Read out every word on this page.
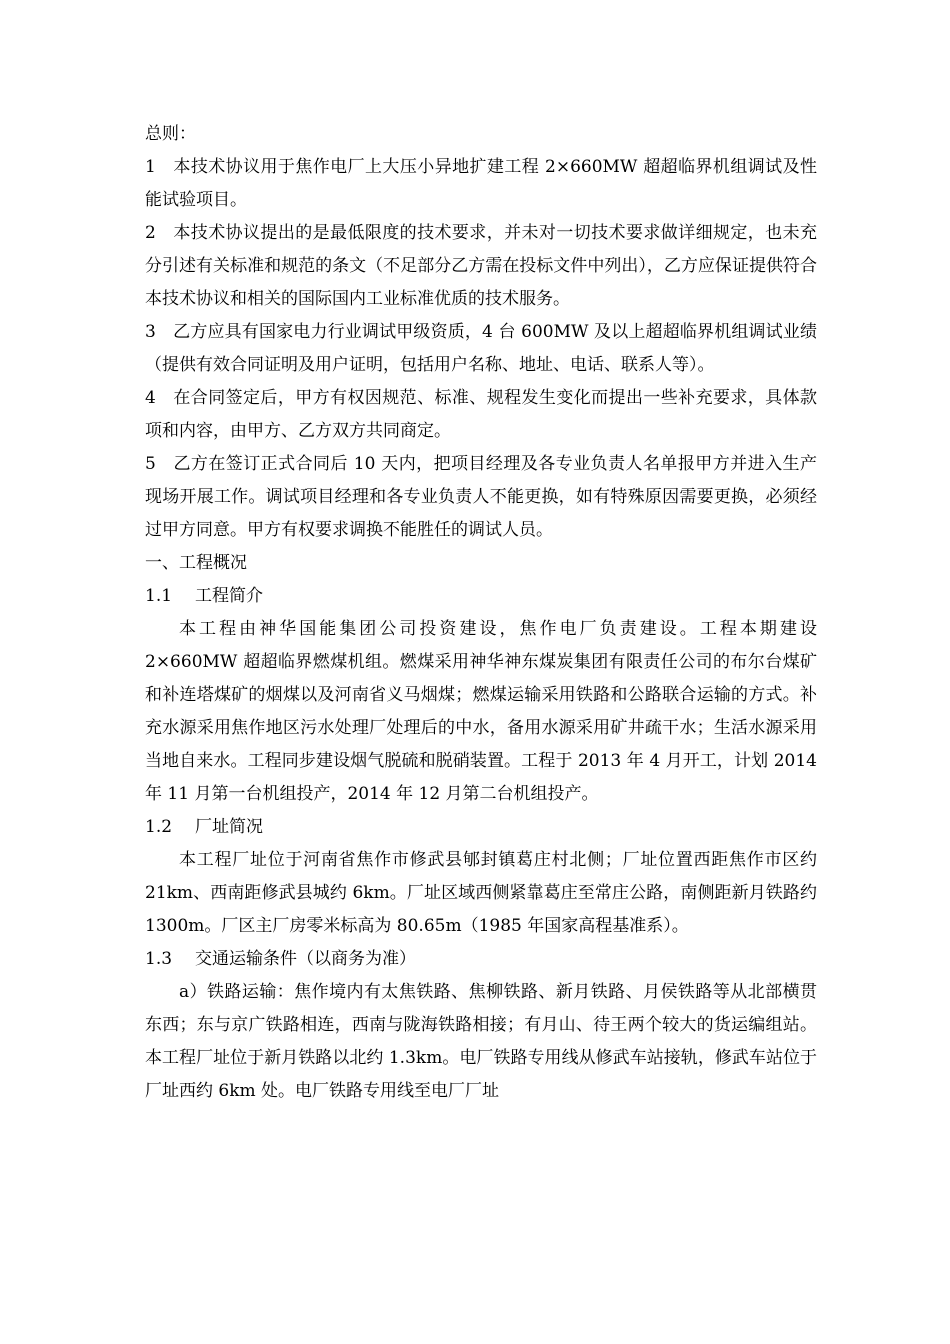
总则：

1 本技术协议用于焦作电厂上大压小异地扩建工程 2×660MW 超超临界机组调试及性能试验项目。

2 本技术协议提出的是最低限度的技术要求，并未对一切技术要求做详细规定，也未充分引述有关标准和规范的条文（不足部分乙方需在投标文件中列出），乙方应保证提供符合本技术协议和相关的国际国内工业标准优质的技术服务。

3 乙方应具有国家电力行业调试甲级资质，4 台 600MW 及以上超超临界机组调试业绩（提供有效合同证明及用户证明，包括用户名称、地址、电话、联系人等）。

4 在合同签定后，甲方有权因规范、标准、规程发生变化而提出一些补充要求，具体款项和内容，由甲方、乙方双方共同商定。

5 乙方在签订正式合同后 10 天内，把项目经理及各专业负责人名单报甲方并进入生产现场开展工作。调试项目经理和各专业负责人不能更换，如有特殊原因需要更换，必须经过甲方同意。甲方有权要求调换不能胜任的调试人员。

一、工程概况

1.1 工程简介

本工程由神华国能集团公司投资建设，焦作电厂负责建设。工程本期建设 2×660MW 超超临界燃煤机组。燃煤采用神华神东煤炭集团有限责任公司的布尔台煤矿和补连塔煤矿的烟煤以及河南省义马烟煤；燃煤运输采用铁路和公路联合运输的方式。补充水源采用焦作地区污水处理厂处理后的中水，备用水源采用矿井疏干水；生活水源采用当地自来水。工程同步建设烟气脱硫和脱硝装置。工程于 2013 年 4 月开工，计划 2014 年 11 月第一台机组投产，2014 年 12 月第二台机组投产。

1.2 厂址简况

本工程厂址位于河南省焦作市修武县郇封镇葛庄村北侧；厂址位置西距焦作市区约 21km、西南距修武县城约 6km。厂址区域西侧紧靠葛庄至常庄公路，南侧距新月铁路约 1300m。厂区主厂房零米标高为 80.65m（1985 年国家高程基准系）。

1.3 交通运输条件（以商务为准）

a）铁路运输：焦作境内有太焦铁路、焦柳铁路、新月铁路、月侯铁路等从北部横贯东西；东与京广铁路相连，西南与陇海铁路相接；有月山、待王两个较大的货运编组站。本工程厂址位于新月铁路以北约 1.3km。电厂铁路专用线从修武车站接轨，修武车站位于厂址西约 6km 处。电厂铁路专用线至电厂厂址
